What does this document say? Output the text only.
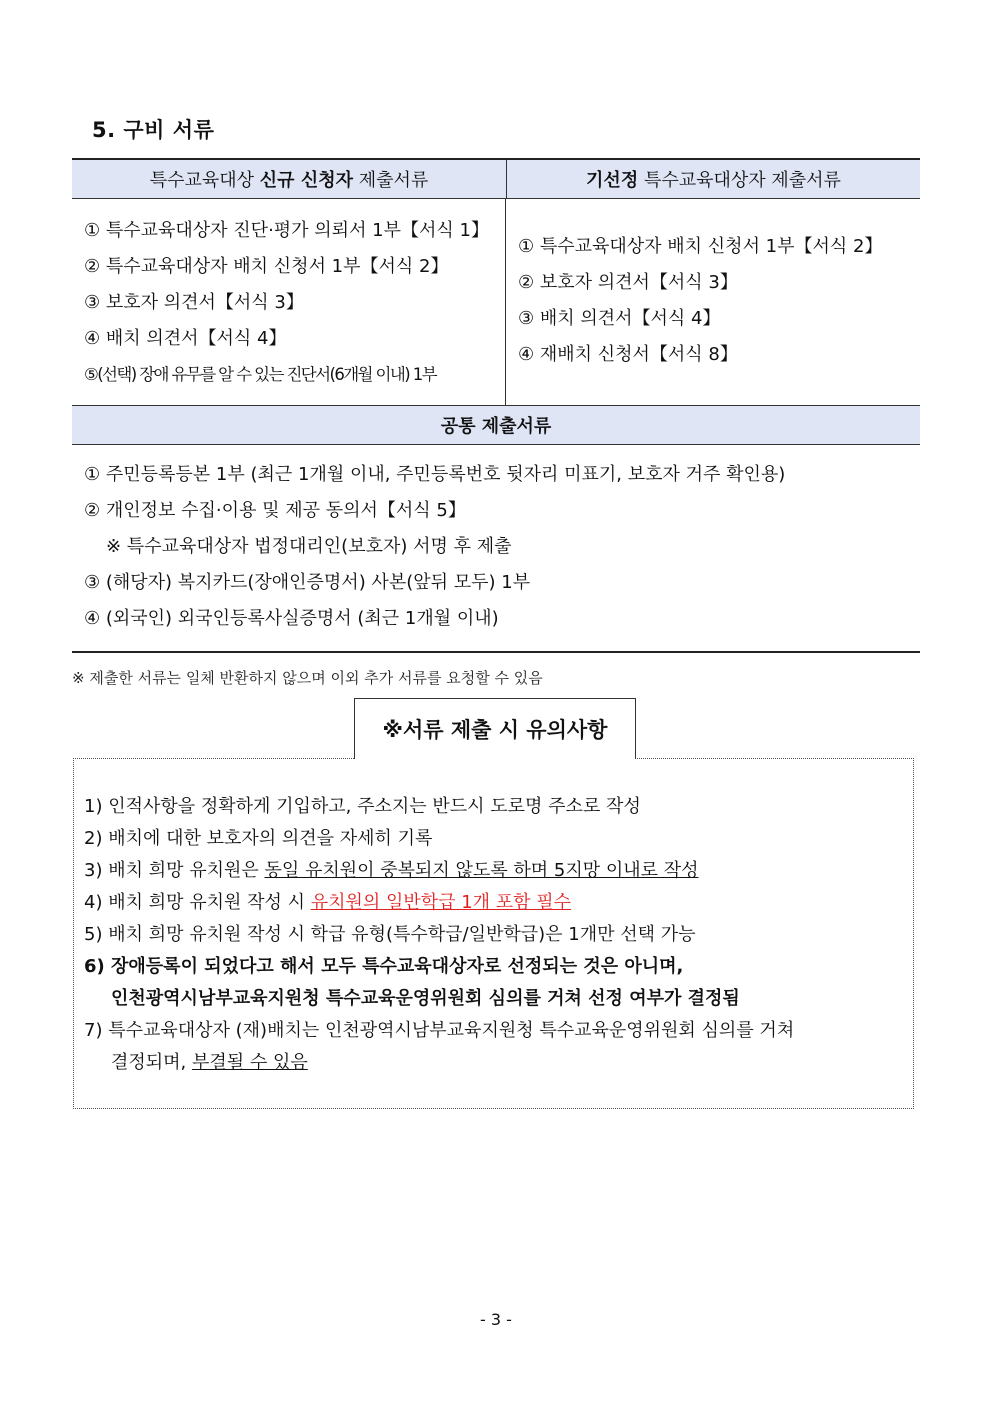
5. 구비 서류
특수교육대상 신규 신청자 제출서류	기선정 특수교육대상자 제출서류
① 특수교육대상자 진단·평가 의뢰서 1부【서식 1】
② 특수교육대상자 배치 신청서 1부【서식 2】
③ 보호자 의견서【서식 3】
④ 배치 의견서【서식 4】
⑤(선택) 장애 유무를 알 수 있는 진단서(6개월 이내) 1부
① 특수교육대상자 배치 신청서 1부【서식 2】
② 보호자 의견서【서식 3】
③ 배치 의견서【서식 4】
④ 재배치 신청서【서식 8】
공통 제출서류
① 주민등록등본 1부 (최근 1개월 이내, 주민등록번호 뒷자리 미표기, 보호자 거주 확인용)
② 개인정보 수집·이용 및 제공 동의서【서식 5】
※ 특수교육대상자 법정대리인(보호자) 서명 후 제출
③ (해당자) 복지카드(장애인증명서) 사본(앞뒤 모두) 1부
④ (외국인) 외국인등록사실증명서 (최근 1개월 이내)
※ 제출한 서류는 일체 반환하지 않으며 이외 추가 서류를 요청할 수 있음
※서류 제출 시 유의사항
1) 인적사항을 정확하게 기입하고, 주소지는 반드시 도로명 주소로 작성
2) 배치에 대한 보호자의 의견을 자세히 기록
3) 배치 희망 유치원은 동일 유치원이 중복되지 않도록 하며 5지망 이내로 작성
4) 배치 희망 유치원 작성 시 유치원의 일반학급 1개 포함 필수
5) 배치 희망 유치원 작성 시 학급 유형(특수학급/일반학급)은 1개만 선택 가능
6) 장애등록이 되었다고 해서 모두 특수교육대상자로 선정되는 것은 아니며,
인천광역시남부교육지원청 특수교육운영위원회 심의를 거쳐 선정 여부가 결정됨
7) 특수교육대상자 (재)배치는 인천광역시남부교육지원청 특수교육운영위원회 심의를 거쳐
결정되며, 부결될 수 있음
- 3 -
